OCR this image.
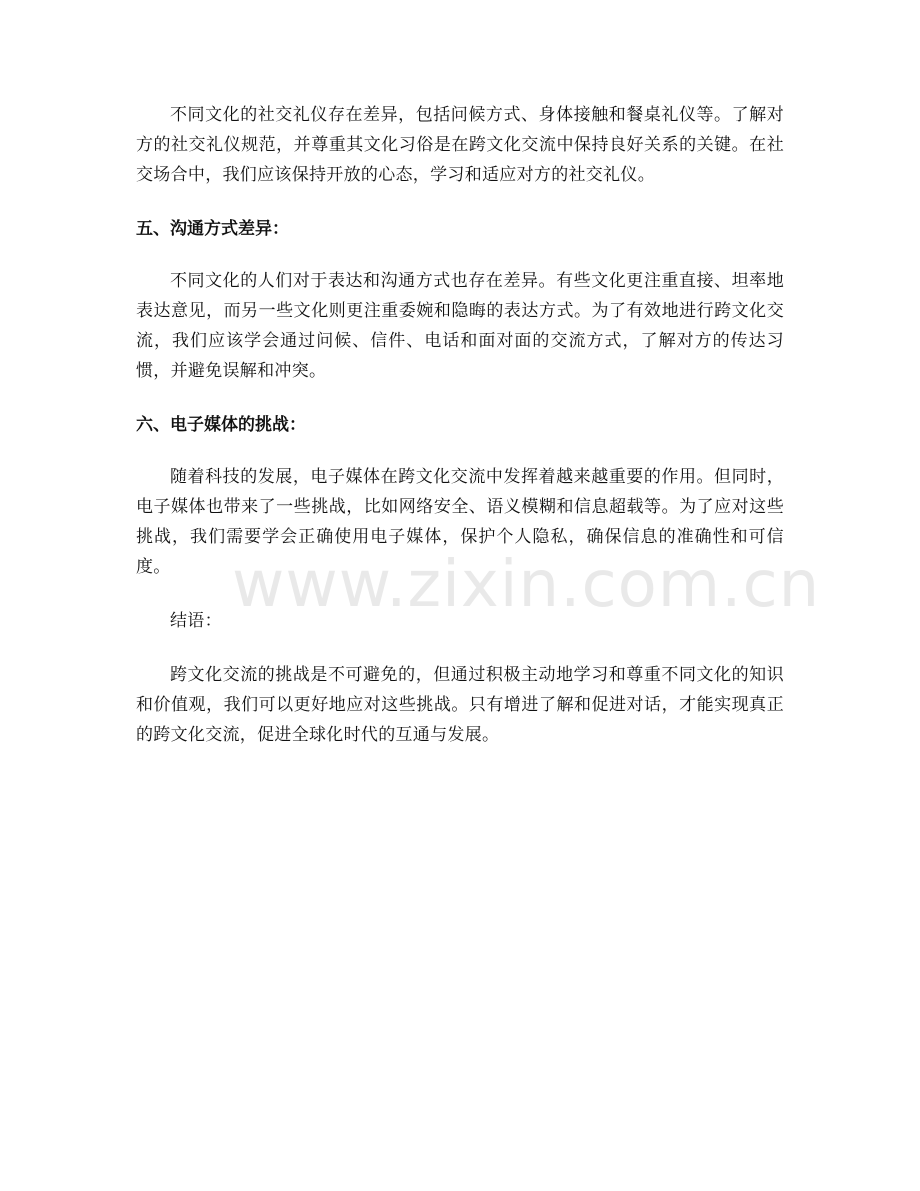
www.zixin.com.cn

不同文化的社交礼仪存在差异，包括问候方式、身体接触和餐桌礼仪等。了解对方的社交礼仪规范，并尊重其文化习俗是在跨文化交流中保持良好关系的关键。在社交场合中，我们应该保持开放的心态，学习和适应对方的社交礼仪。

五、沟通方式差异：

不同文化的人们对于表达和沟通方式也存在差异。有些文化更注重直接、坦率地表达意见，而另一些文化则更注重委婉和隐晦的表达方式。为了有效地进行跨文化交流，我们应该学会通过问候、信件、电话和面对面的交流方式，了解对方的传达习惯，并避免误解和冲突。

六、电子媒体的挑战：

随着科技的发展，电子媒体在跨文化交流中发挥着越来越重要的作用。但同时，电子媒体也带来了一些挑战，比如网络安全、语义模糊和信息超载等。为了应对这些挑战，我们需要学会正确使用电子媒体，保护个人隐私，确保信息的准确性和可信度。

结语：

跨文化交流的挑战是不可避免的，但通过积极主动地学习和尊重不同文化的知识和价值观，我们可以更好地应对这些挑战。只有增进了解和促进对话，才能实现真正的跨文化交流，促进全球化时代的互通与发展。
